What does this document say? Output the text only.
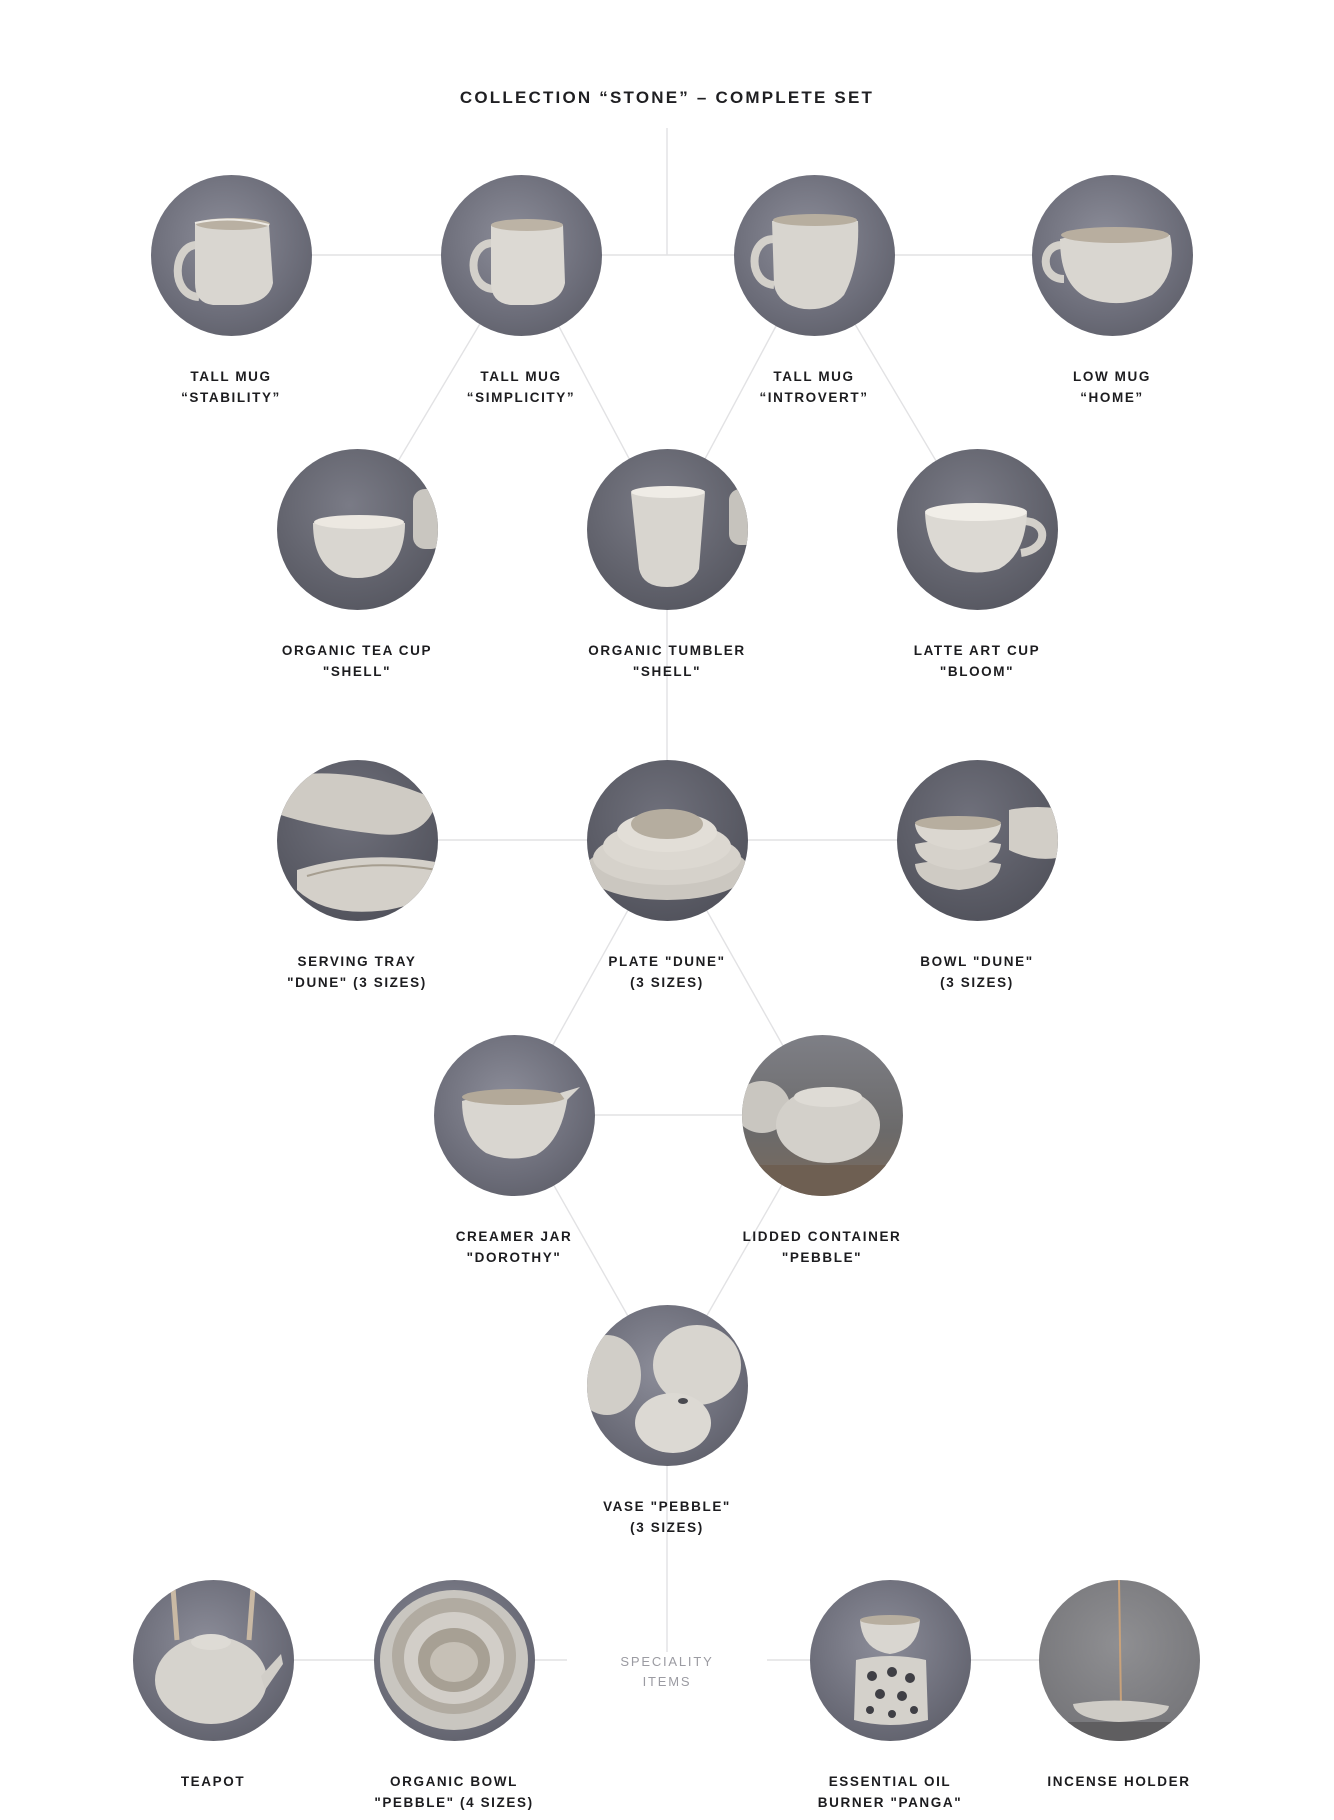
COLLECTION “STONE” – COMPLETE SET
TALL MUG
“STABILITY”
TALL MUG
“SIMPLICITY”
TALL MUG
“INTROVERT”
LOW MUG
“HOME”
ORGANIC TEA CUP
"SHELL"
ORGANIC TUMBLER
"SHELL"
LATTE ART CUP
"BLOOM"
SERVING TRAY
"DUNE" (3 SIZES)
PLATE "DUNE"
(3 SIZES)
BOWL "DUNE"
(3 SIZES)
CREAMER JAR
"DOROTHY"
LIDDED CONTAINER
"PEBBLE"
VASE "PEBBLE"
(3 SIZES)
TEAPOT	ORGANIC BOWL
"PEBBLE" (4 SIZES)
SPECIALITY
ITEMS
ESSENTIAL OIL
BURNER "PANGA"
INCENSE HOLDER
